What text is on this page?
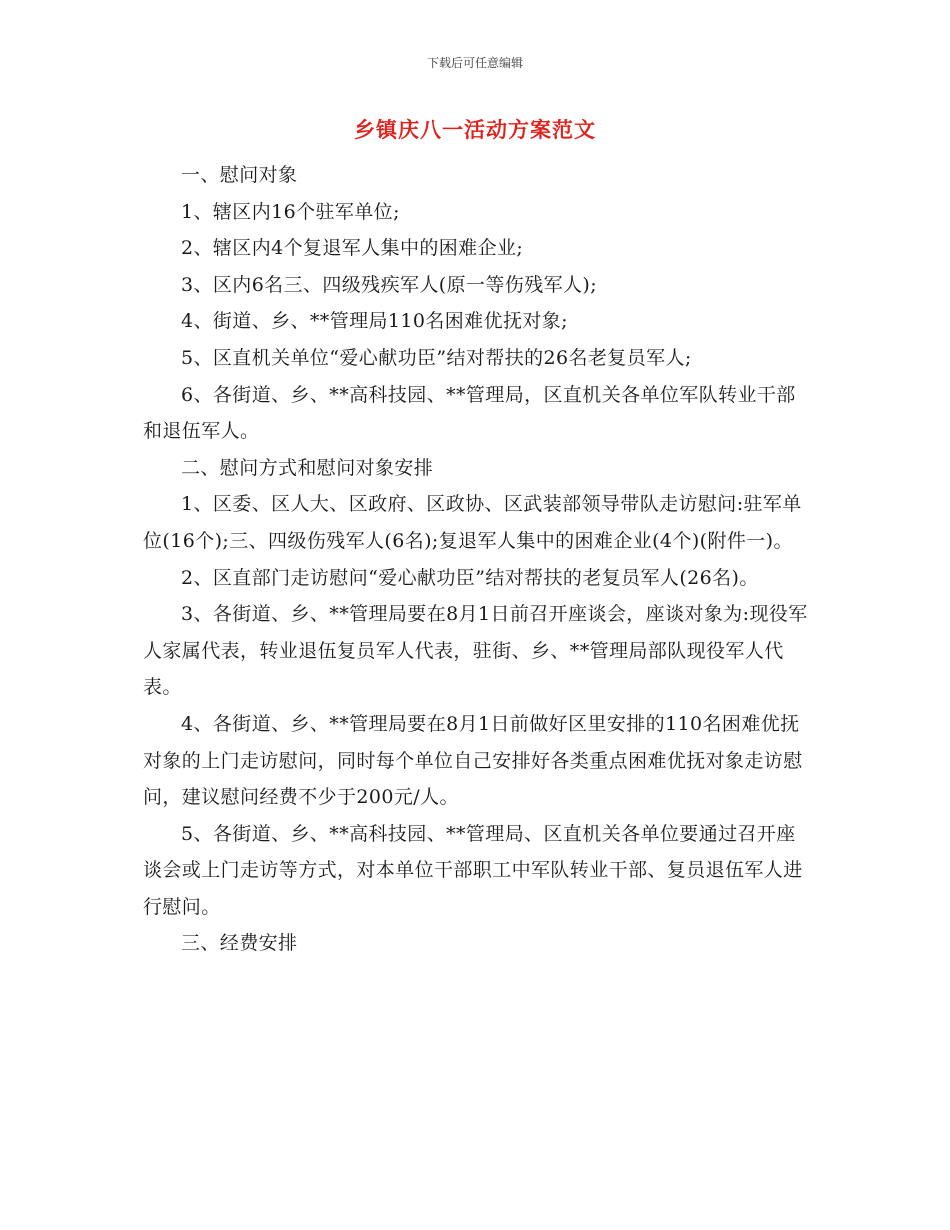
下载后可任意编辑
乡镇庆八一活动方案范文

一、慰问对象

1、辖区内16个驻军单位;

2、辖区内4个复退军人集中的困难企业;

3、区内6名三、四级残疾军人(原一等伤残军人);

4、街道、乡、**管理局110名困难优抚对象;

5、区直机关单位“爱心献功臣”结对帮扶的26名老复员军人;

6、各街道、乡、**高科技园、**管理局，区直机关各单位军队转业干部和退伍军人。

二、慰问方式和慰问对象安排

1、区委、区人大、区政府、区政协、区武装部领导带队走访慰问:驻军单位(16个);三、四级伤残军人(6名);复退军人集中的困难企业(4个)(附件一)。

2、区直部门走访慰问“爱心献功臣”结对帮扶的老复员军人(26名)。

3、各街道、乡、**管理局要在8月1日前召开座谈会，座谈对象为:现役军人家属代表，转业退伍复员军人代表，驻街、乡、**管理局部队现役军人代表。

4、各街道、乡、**管理局要在8月1日前做好区里安排的110名困难优抚对象的上门走访慰问，同时每个单位自己安排好各类重点困难优抚对象走访慰问，建议慰问经费不少于200元/人。

5、各街道、乡、**高科技园、**管理局、区直机关各单位要通过召开座谈会或上门走访等方式，对本单位干部职工中军队转业干部、复员退伍军人进行慰问。

三、经费安排
